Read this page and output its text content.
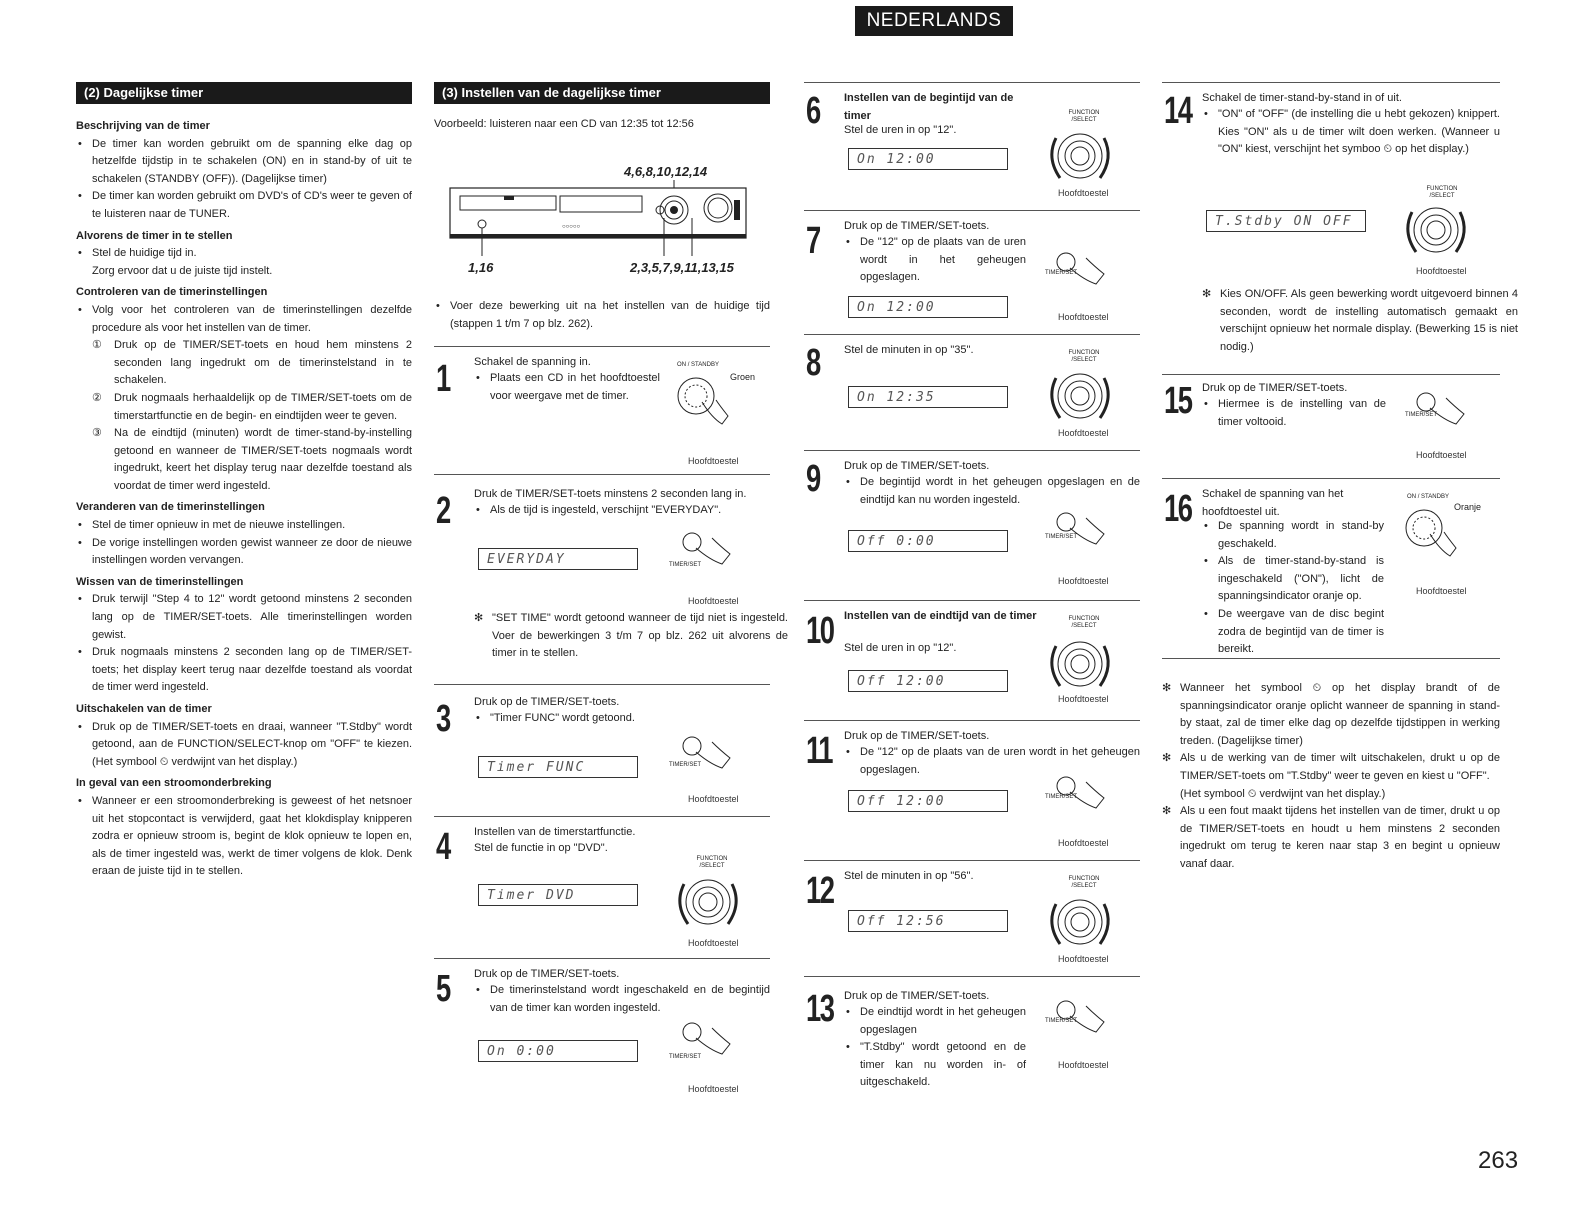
NEDERLANDS
(2) Dagelijkse timer
Beschrijving van de timer
• De timer kan worden gebruikt om de spanning elke dag op hetzelfde tijdstip in te schakelen (ON) en in stand-by of uit te schakelen (STANDBY (OFF)). (Dagelijkse timer)
• De timer kan worden gebruikt om DVD's of CD's weer te geven of te luisteren naar de TUNER.
Alvorens de timer in te stellen
• Stel de huidige tijd in.
Zorg ervoor dat u de juiste tijd instelt.
Controleren van de timerinstellingen
• Volg voor het controleren van de timerinstellingen dezelfde procedure als voor het instellen van de timer.
① Druk op de TIMER/SET-toets en houd hem minstens 2 seconden lang ingedrukt om de timerinstelstand in te schakelen.
② Druk nogmaals herhaaldelijk op de TIMER/SET-toets om de timerstartfunctie en de begin- en eindtijden weer te geven.
③ Na de eindtijd (minuten) wordt de timer-stand-by-instelling getoond en wanneer de TIMER/SET-toets nogmaals wordt ingedrukt, keert het display terug naar dezelfde toestand als voordat de timer werd ingesteld.
Veranderen van de timerinstellingen
• Stel de timer opnieuw in met de nieuwe instellingen.
• De vorige instellingen worden gewist wanneer ze door de nieuwe instellingen worden vervangen.
Wissen van de timerinstellingen
• Druk terwijl "Step 4 to 12" wordt getoond minstens 2 seconden lang op de TIMER/SET-toets. Alle timerinstellingen worden gewist.
• Druk nogmaals minstens 2 seconden lang op de TIMER/SET-toets; het display keert terug naar dezelfde toestand als voordat de timer werd ingesteld.
Uitschakelen van de timer
• Druk op de TIMER/SET-toets en draai, wanneer "T.Stdby" wordt getoond, aan de FUNCTION/SELECT-knop om "OFF" te kiezen. (Het symbool ⏲ verdwijnt van het display.)
In geval van een stroomonderbreking
• Wanneer er een stroomonderbreking is geweest of het netsnoer uit het stopcontact is verwijderd, gaat het klokdisplay knipperen zodra er opnieuw stroom is, begint de klok opnieuw te lopen en, als de timer ingesteld was, werkt de timer volgens de klok. Denk eraan de juiste tijd in te stellen.
(3) Instellen van de dagelijkse timer
Voorbeeld: luisteren naar een CD van 12:35 tot 12:56
4,6,8,10,12,14
○○○○○
1,16	2,3,5,7,9,11,13,15
• Voer deze bewerking uit na het instellen van de huidige tijd (stappen 1 t/m 7 op blz. 262).
1 Schakel de spanning in.
• Plaats een CD in het hoofdtoestel voor weergave met de timer.
ON / STANDBY
Groen
Hoofdtoestel
2 Druk de TIMER/SET-toets minstens 2 seconden lang in.
• Als de tijd is ingesteld, verschijnt "EVERYDAY".
EVERYDAY	TIMER/SET
Hoofdtoestel
✻ "SET TIME" wordt getoond wanneer de tijd niet is ingesteld. Voer de bewerkingen 3 t/m 7 op blz. 262 uit alvorens de timer in te stellen.
3 Druk op de TIMER/SET-toets.
• "Timer FUNC" wordt getoond.
Timer FUNC	TIMER/SET
Hoofdtoestel
4 Instellen van de timerstartfunctie.
Stel de functie in op "DVD".
Timer DVD
FUNCTION /SELECT
Hoofdtoestel
5 Druk op de TIMER/SET-toets.
• De timerinstelstand wordt ingeschakeld en de begintijd van de timer kan worden ingesteld.
On 0:00	TIMER/SET
Hoofdtoestel
6 Instellen van de begintijd van de timer
Stel de uren in op "12".
On 12:00
FUNCTION /SELECT
Hoofdtoestel
7 Druk op de TIMER/SET-toets.
• De "12" op de plaats van de uren wordt in het geheugen opgeslagen.
On 12:00
TIMER/SET
Hoofdtoestel
8 Stel de minuten in op "35".
On 12:35
FUNCTION /SELECT
Hoofdtoestel
9 Druk op de TIMER/SET-toets.
• De begintijd wordt in het geheugen opgeslagen en de eindtijd kan nu worden ingesteld.
Off 0:00	TIMER/SET
Hoofdtoestel
10 Instellen van de eindtijd van de timer
Stel de uren in op "12".
Off 12:00
FUNCTION /SELECT
Hoofdtoestel
11 Druk op de TIMER/SET-toets.
• De "12" op de plaats van de uren wordt in het geheugen opgeslagen.
Off 12:00	TIMER/SET
Hoofdtoestel
12 Stel de minuten in op "56".
Off 12:56
FUNCTION /SELECT
Hoofdtoestel
13 Druk op de TIMER/SET-toets.
• De eindtijd wordt in het geheugen opgeslagen
• "T.Stdby" wordt getoond en de timer kan nu worden in- of uitgeschakeld.
TIMER/SET
Hoofdtoestel
14 Schakel de timer-stand-by-stand in of uit.
• "ON" of "OFF" (de instelling die u hebt gekozen) knippert. Kies "ON" als u de timer wilt doen werken. (Wanneer u "ON" kiest, verschijnt het symboo ⏲ op het display.)
T.Stdby ON OFF
FUNCTION /SELECT
Hoofdtoestel
✻ Kies ON/OFF. Als geen bewerking wordt uitgevoerd binnen 4 seconden, wordt de instelling automatisch gemaakt en verschijnt opnieuw het normale display. (Bewerking 15 is niet nodig.)
15 Druk op de TIMER/SET-toets.
• Hiermee is de instelling van de timer voltooid.
TIMER/SET
Hoofdtoestel
16 Schakel de spanning van het hoofdtoestel uit.
• De spanning wordt in stand-by geschakeld.
• Als de timer-stand-by-stand is ingeschakeld ("ON"), licht de spanningsindicator oranje op.
• De weergave van de disc begint zodra de begintijd van de timer is bereikt.
ON / STANDBY
Oranje
Hoofdtoestel
✻ Wanneer het symbool ⏲ op het display brandt of de spanningsindicator oranje oplicht wanneer de spanning in stand-by staat, zal de timer elke dag op dezelfde tijdstippen in werking treden. (Dagelijkse timer)
✻ Als u de werking van de timer wilt uitschakelen, drukt u op de TIMER/SET-toets om "T.Stdby" weer te geven en kiest u "OFF".
(Het symbool ⏲ verdwijnt van het display.)
✻ Als u een fout maakt tijdens het instellen van de timer, drukt u op de TIMER/SET-toets en houdt u hem minstens 2 seconden ingedrukt om terug te keren naar stap 3 en begint u opnieuw vanaf daar.
263
